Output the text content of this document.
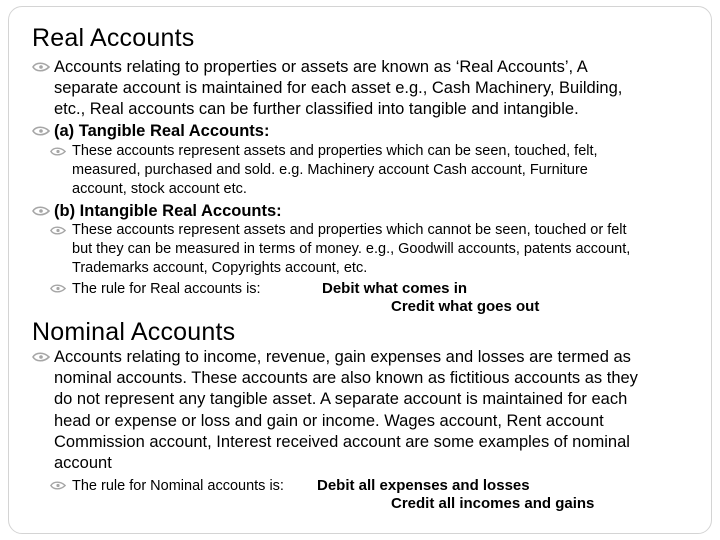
Real Accounts
Accounts relating to properties or assets are known as ‘Real Accounts’, A
separate account is maintained for each asset e.g., Cash Machinery, Building,
etc., Real accounts can be further classified into tangible and intangible.
(a) Tangible Real Accounts:
These accounts represent assets and properties which can be seen, touched, felt,
measured, purchased and sold. e.g. Machinery account Cash account, Furniture
account, stock account etc.
(b) Intangible Real Accounts:
These accounts represent assets and properties which cannot be seen, touched or felt
but they can be measured in terms of money. e.g., Goodwill accounts, patents account,
Trademarks account, Copyrights account, etc.
The rule for Real accounts is:	Debit what comes in
Credit what goes out
Nominal Accounts
Accounts relating to income, revenue, gain expenses and losses are termed as
nominal accounts. These accounts are also known as fictitious accounts as they
do not represent any tangible asset. A separate account is maintained for each
head or expense or loss and gain or income. Wages account, Rent account
Commission account, Interest received account are some examples of nominal
account
The rule for Nominal accounts is: Debit all expenses and losses
Credit all incomes and gains
